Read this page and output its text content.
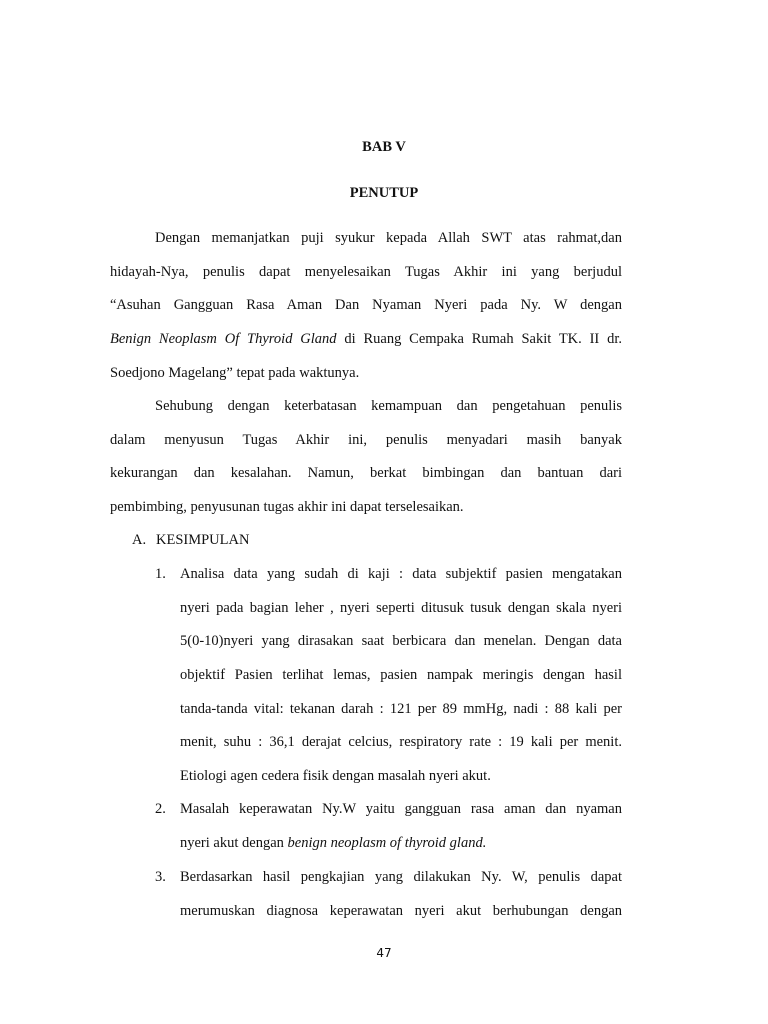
BAB V
PENUTUP
Dengan memanjatkan puji syukur kepada Allah SWT atas rahmat,dan
hidayah-Nya, penulis dapat menyelesaikan Tugas Akhir ini yang berjudul
“Asuhan Gangguan Rasa Aman Dan Nyaman Nyeri pada Ny. W dengan
Benign Neoplasm Of Thyroid Gland di Ruang Cempaka Rumah Sakit TK. II dr.
Soedjono Magelang” tepat pada waktunya.
Sehubung dengan keterbatasan kemampuan dan pengetahuan penulis
dalam menyusun Tugas Akhir ini, penulis menyadari masih banyak
kekurangan dan kesalahan. Namun, berkat bimbingan dan bantuan dari
pembimbing, penyusunan tugas akhir ini dapat terselesaikan.
A. KESIMPULAN
1. Analisa data yang sudah di kaji : data subjektif pasien mengatakan
nyeri pada bagian leher , nyeri seperti ditusuk tusuk dengan skala nyeri
5(0-10)nyeri yang dirasakan saat berbicara dan menelan. Dengan data
objektif Pasien terlihat lemas, pasien nampak meringis dengan hasil
tanda-tanda vital: tekanan darah : 121 per 89 mmHg, nadi : 88 kali per
menit, suhu : 36,1 derajat celcius, respiratory rate : 19 kali per menit.
Etiologi agen cedera fisik dengan masalah nyeri akut.
2. Masalah keperawatan Ny.W yaitu gangguan rasa aman dan nyaman
nyeri akut dengan benign neoplasm of thyroid gland.
3. Berdasarkan hasil pengkajian yang dilakukan Ny. W, penulis dapat
merumuskan diagnosa keperawatan nyeri akut berhubungan dengan
47
